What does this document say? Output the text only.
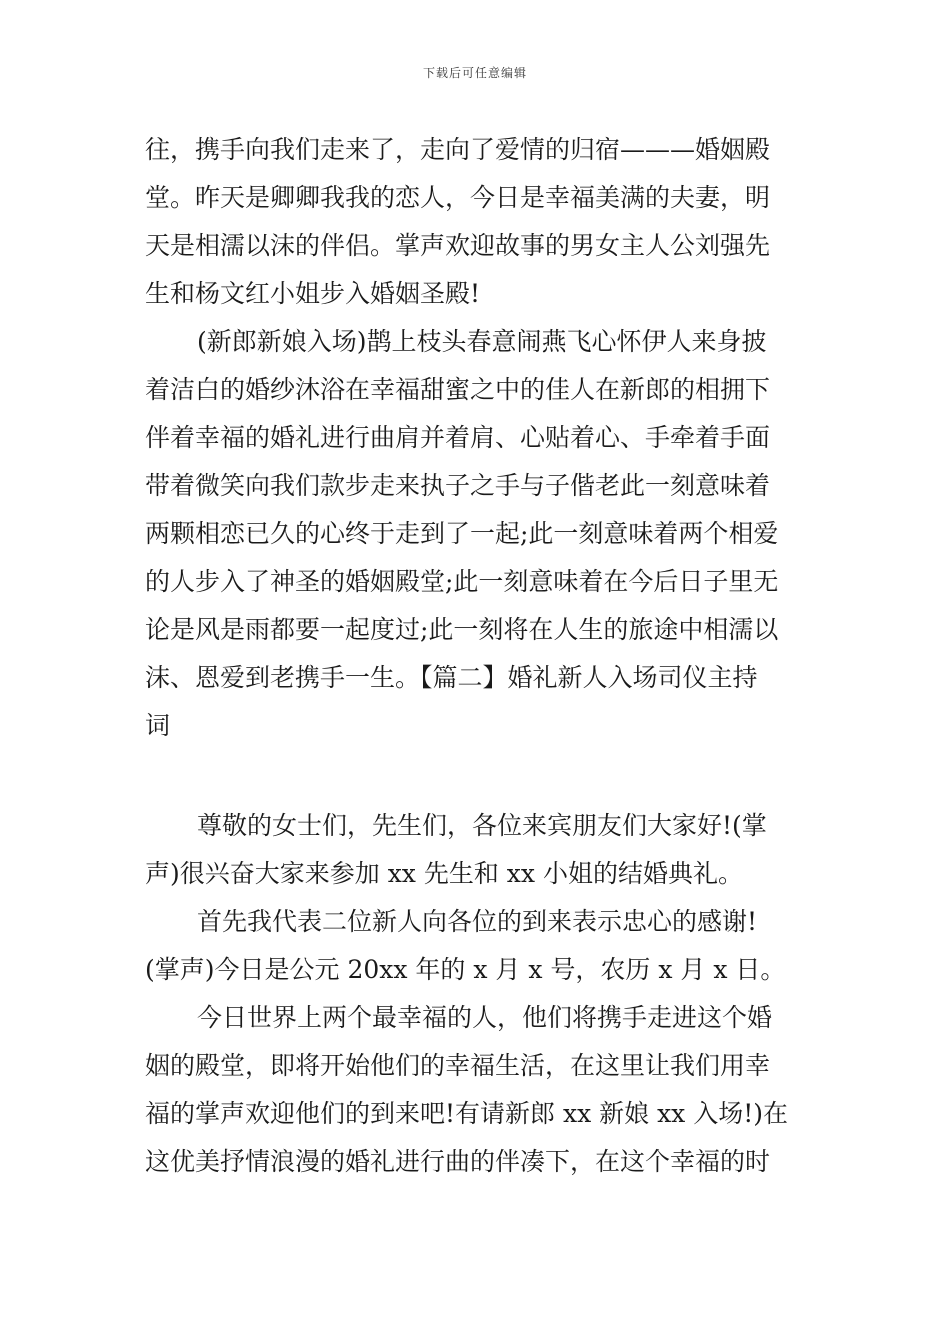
下载后可任意编辑
往，携手向我们走来了，走向了爱情的归宿———婚姻殿
堂。昨天是卿卿我我的恋人，今日是幸福美满的夫妻，明
天是相濡以沫的伴侣。掌声欢迎故事的男女主人公刘强先
生和杨文红小姐步入婚姻圣殿!
(新郎新娘入场)鹊上枝头春意闹燕飞心怀伊人来身披
着洁白的婚纱沐浴在幸福甜蜜之中的佳人在新郎的相拥下
伴着幸福的婚礼进行曲肩并着肩、心贴着心、手牵着手面
带着微笑向我们款步走来执子之手与子偕老此一刻意味着
两颗相恋已久的心终于走到了一起;此一刻意味着两个相爱
的人步入了神圣的婚姻殿堂;此一刻意味着在今后日子里无
论是风是雨都要一起度过;此一刻将在人生的旅途中相濡以
沫、恩爱到老携手一生。【篇二】婚礼新人入场司仪主持
词
尊敬的女士们，先生们，各位来宾朋友们大家好!(掌
声)很兴奋大家来参加 xx 先生和 xx 小姐的结婚典礼。
首先我代表二位新人向各位的到来表示忠心的感谢!
(掌声)今日是公元 20xx 年的 x 月 x 号，农历 x 月 x 日。
今日世界上两个最幸福的人，他们将携手走进这个婚
姻的殿堂，即将开始他们的幸福生活，在这里让我们用幸
福的掌声欢迎他们的到来吧!有请新郎 xx 新娘 xx 入场!)在
这优美抒情浪漫的婚礼进行曲的伴凑下，在这个幸福的时
